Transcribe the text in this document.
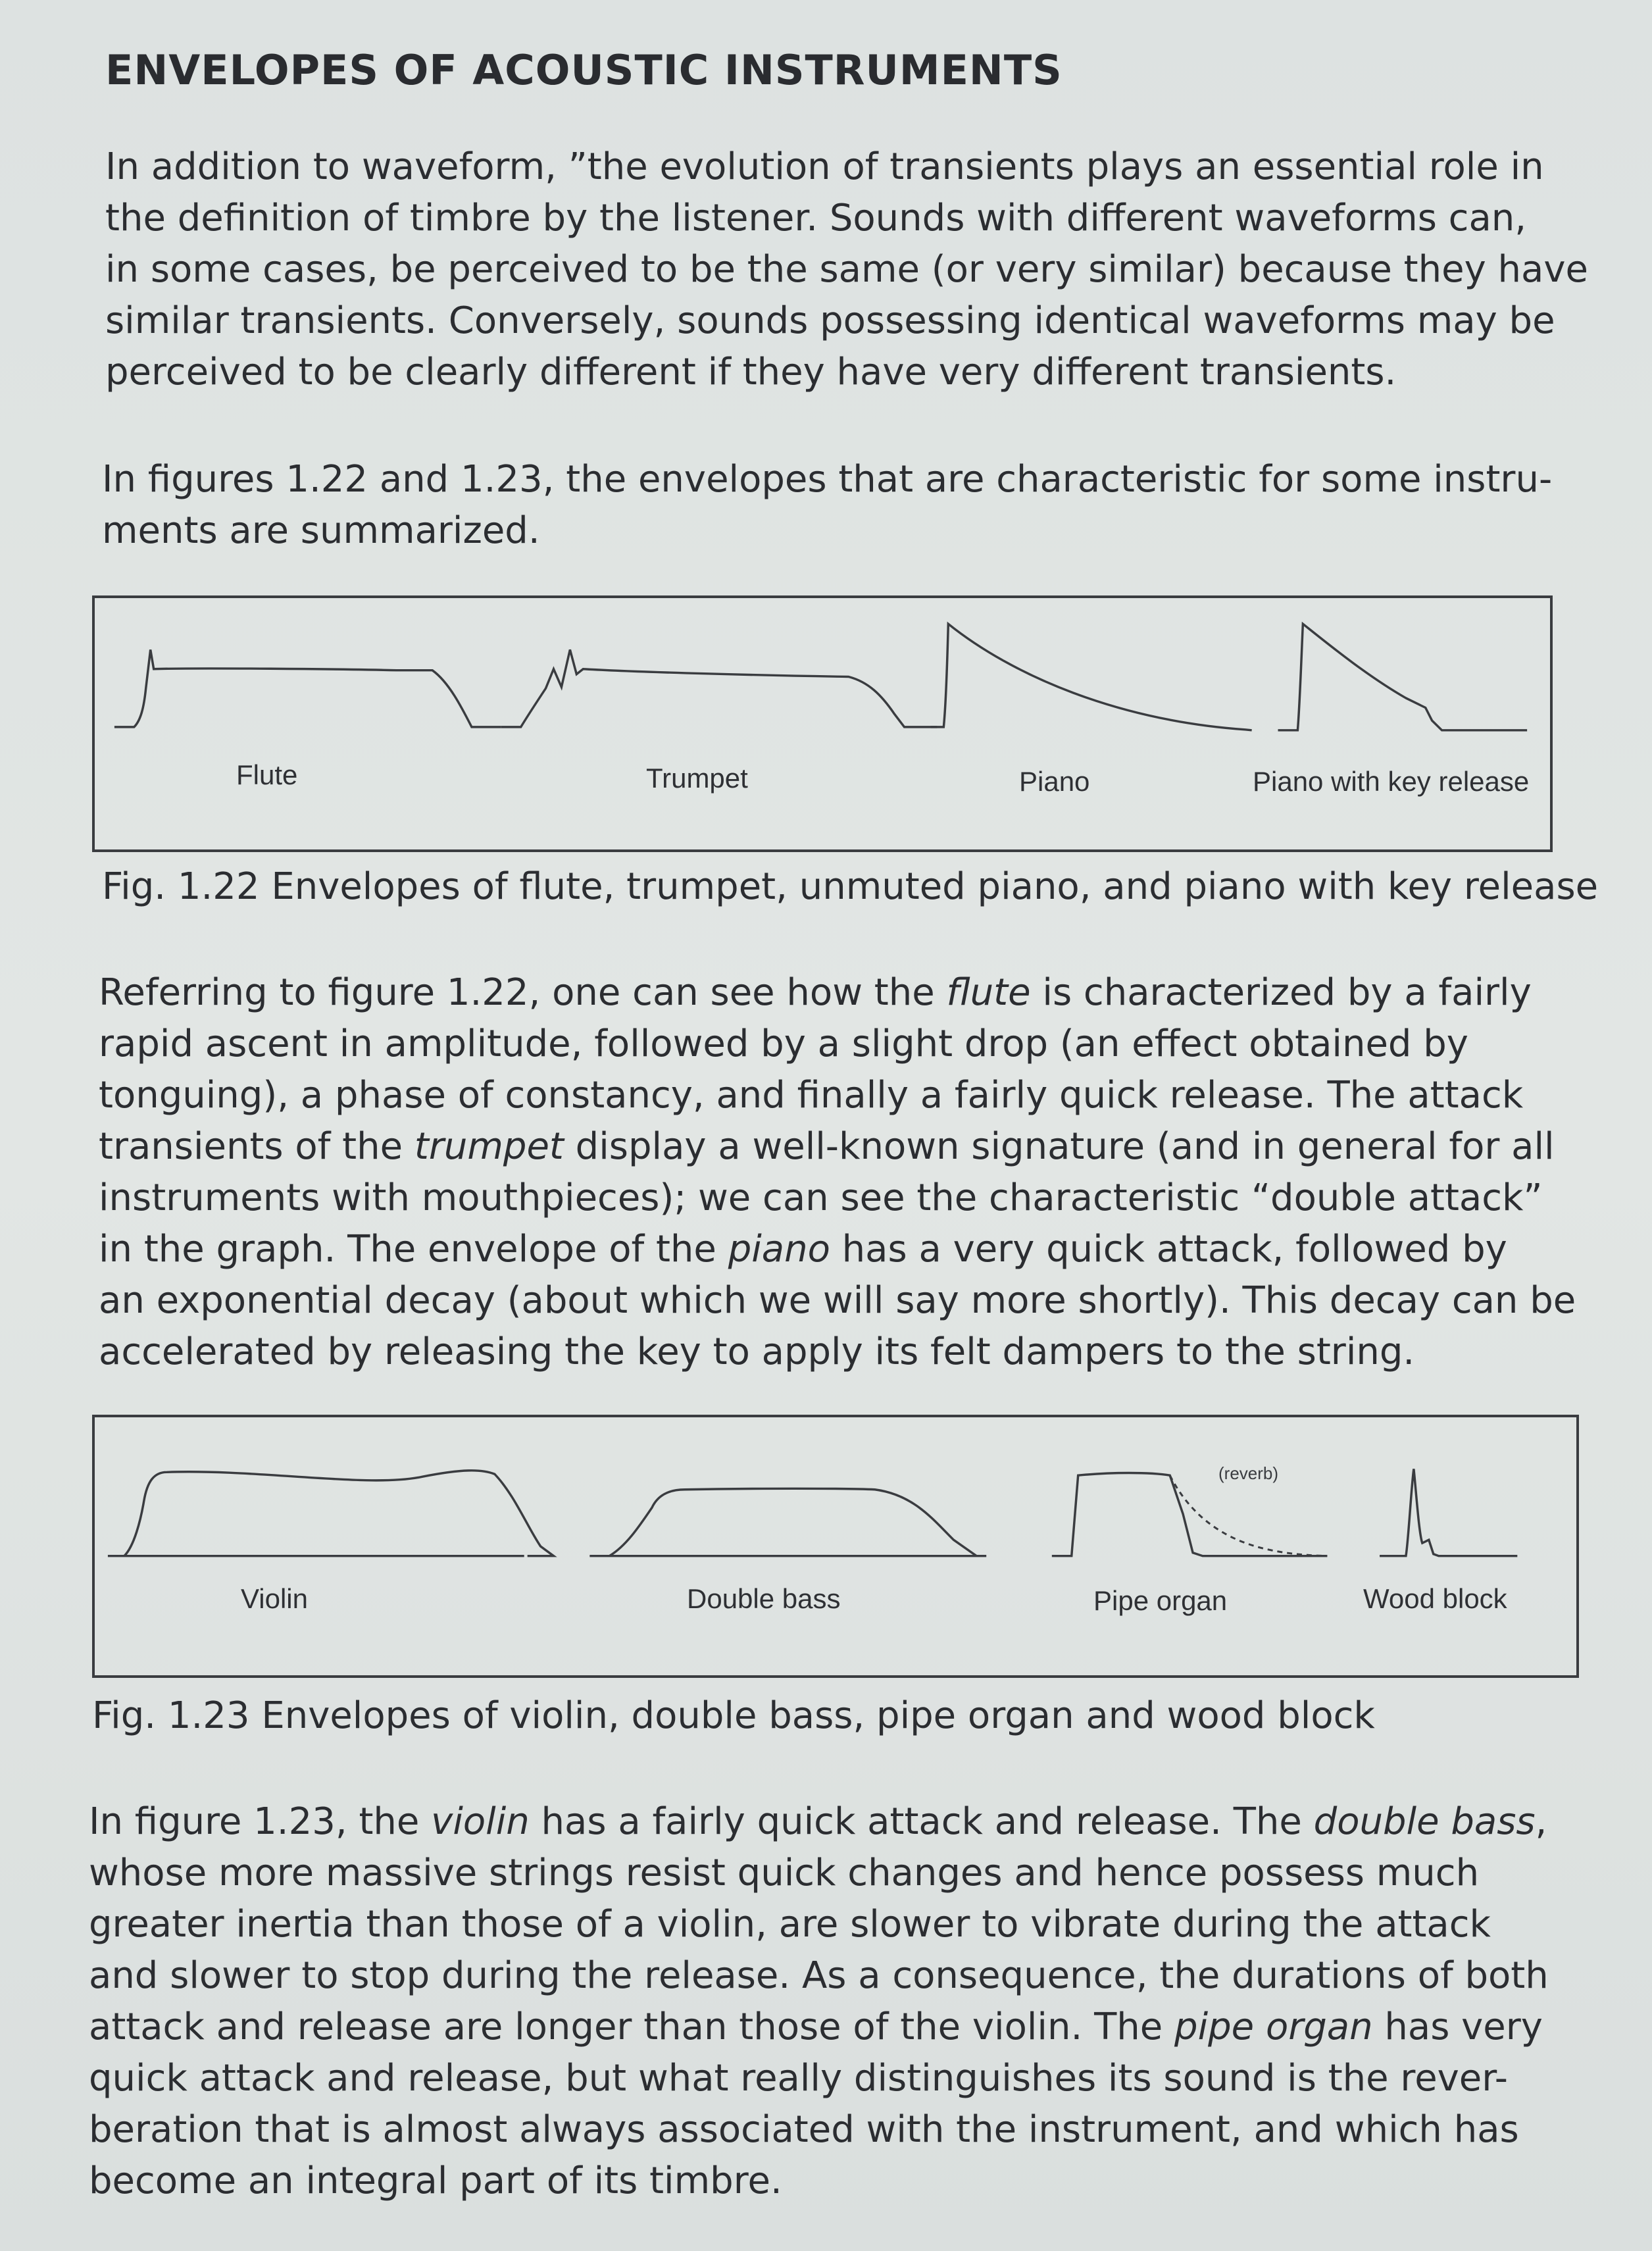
ENVELOPES OF ACOUSTIC INSTRUMENTS

In addition to waveform, ”the evolution of transients plays an essential role in
the definition of timbre by the listener. Sounds with different waveforms can,
in some cases, be perceived to be the same (or very similar) because they have
similar transients. Conversely, sounds possessing identical waveforms may be
perceived to be clearly different if they have very different transients.

In figures 1.22 and 1.23, the envelopes that are characteristic for some instru-
ments are summarized.

Flute	Trumpet	Piano	Piano with key release

Fig. 1.22 Envelopes of flute, trumpet, unmuted piano, and piano with key release

Referring to figure 1.22, one can see how the flute is characterized by a fairly
rapid ascent in amplitude, followed by a slight drop (an effect obtained by
tonguing), a phase of constancy, and finally a fairly quick release. The attack
transients of the trumpet display a well-known signature (and in general for all
instruments with mouthpieces); we can see the characteristic “double attack”
in the graph. The envelope of the piano has a very quick attack, followed by
an exponential decay (about which we will say more shortly). This decay can be
accelerated by releasing the key to apply its felt dampers to the string.

(reverb)
Violin	Double bass	Pipe organ	Wood block

Fig. 1.23 Envelopes of violin, double bass, pipe organ and wood block

In figure 1.23, the violin has a fairly quick attack and release. The double bass,
whose more massive strings resist quick changes and hence possess much
greater inertia than those of a violin, are slower to vibrate during the attack
and slower to stop during the release. As a consequence, the durations of both
attack and release are longer than those of the violin. The pipe organ has very
quick attack and release, but what really distinguishes its sound is the rever-
beration that is almost always associated with the instrument, and which has
become an integral part of its timbre.
